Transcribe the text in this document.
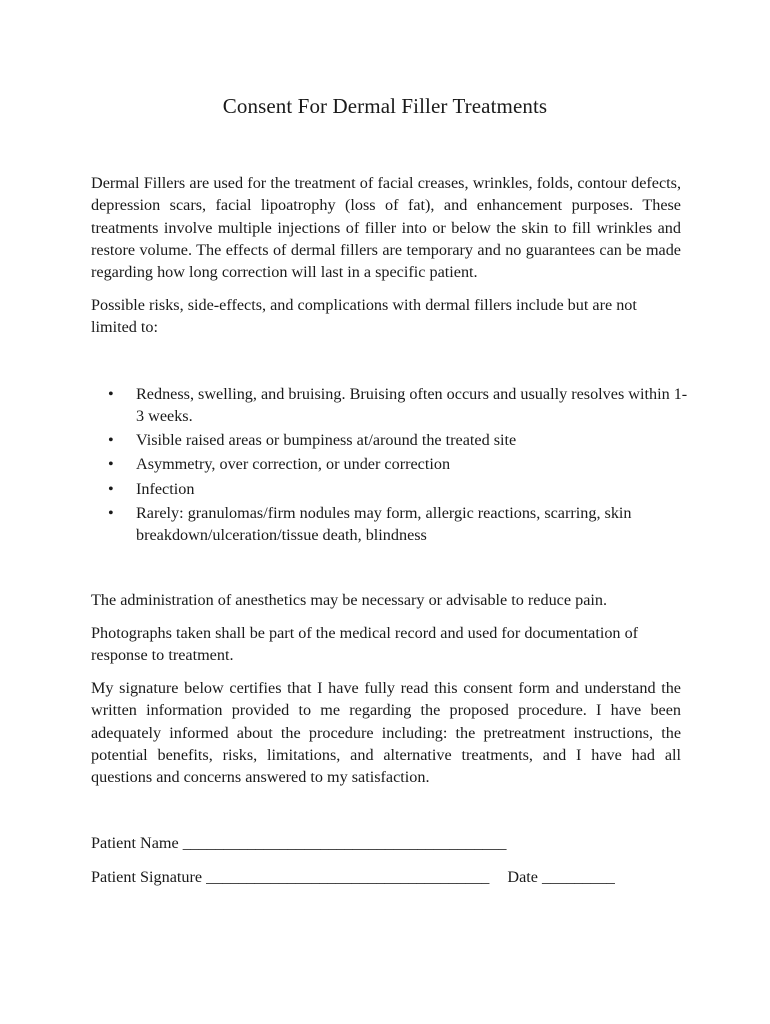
Consent For Dermal Filler Treatments

Dermal Fillers are used for the treatment of facial creases, wrinkles, folds, contour defects, depression scars, facial lipoatrophy (loss of fat), and enhancement purposes. These treatments involve multiple injections of filler into or below the skin to fill wrinkles and restore volume. The effects of dermal fillers are temporary and no guarantees can be made regarding how long correction will last in a specific patient.

Possible risks, side-effects, and complications with dermal fillers include but are not limited to:

•	Redness, swelling, and bruising. Bruising often occurs and usually resolves within 1-3 weeks.
•	Visible raised areas or bumpiness at/around the treated site
•	Asymmetry, over correction, or under correction
•	Infection
•	Rarely: granulomas/firm nodules may form, allergic reactions, scarring, skin breakdown/ulceration/tissue death, blindness

The administration of anesthetics may be necessary or advisable to reduce pain.

Photographs taken shall be part of the medical record and used for documentation of response to treatment.

My signature below certifies that I have fully read this consent form and understand the written information provided to me regarding the proposed procedure. I have been adequately informed about the procedure including: the pretreatment instructions, the potential benefits, risks, limitations, and alternative treatments, and I have had all questions and concerns answered to my satisfaction.

Patient Name ________________________________________
Patient Signature ___________________________________ Date _________
